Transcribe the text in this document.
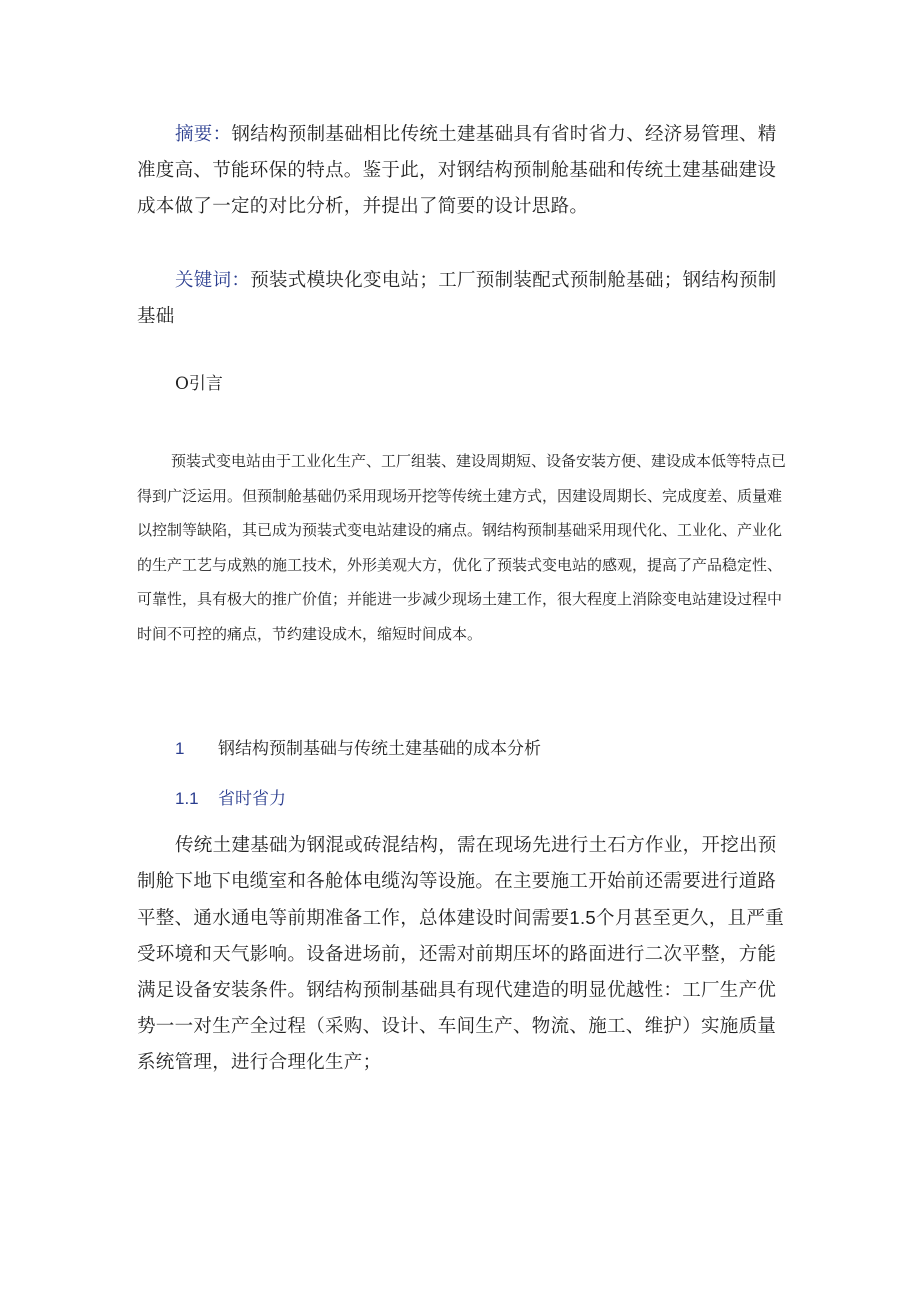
摘要：钢结构预制基础相比传统土建基础具有省时省力、经济易管理、精准度高、节能环保的特点。鉴于此，对钢结构预制舱基础和传统土建基础建设成本做了一定的对比分析，并提出了简要的设计思路。

关键词：预装式模块化变电站；工厂预制装配式预制舱基础；钢结构预制基础

O引言

预装式变电站由于工业化生产、工厂组装、建设周期短、设备安装方便、建设成本低等特点已得到广泛运用。但预制舱基础仍采用现场开挖等传统土建方式，因建设周期长、完成度差、质量难以控制等缺陷，其已成为预装式变电站建设的痛点。钢结构预制基础采用现代化、工业化、产业化的生产工艺与成熟的施工技术，外形美观大方，优化了预装式变电站的感观，提高了产品稳定性、可靠性，具有极大的推广价值；并能进一步减少现场土建工作，很大程度上消除变电站建设过程中时间不可控的痛点，节约建设成木，缩短时间成本。

1 钢结构预制基础与传统土建基础的成本分析
1.1 省时省力

传统土建基础为钢混或砖混结构，需在现场先进行土石方作业，开挖出预制舱下地下电缆室和各舱体电缆沟等设施。在主要施工开始前还需要进行道路平整、通水通电等前期准备工作，总体建设时间需要1.5个月甚至更久，且严重受环境和天气影响。设备进场前，还需对前期压坏的路面进行二次平整，方能满足设备安装条件。钢结构预制基础具有现代建造的明显优越性：工厂生产优势一一对生产全过程（采购、设计、车间生产、物流、施工、维护）实施质量系统管理，进行合理化生产；
